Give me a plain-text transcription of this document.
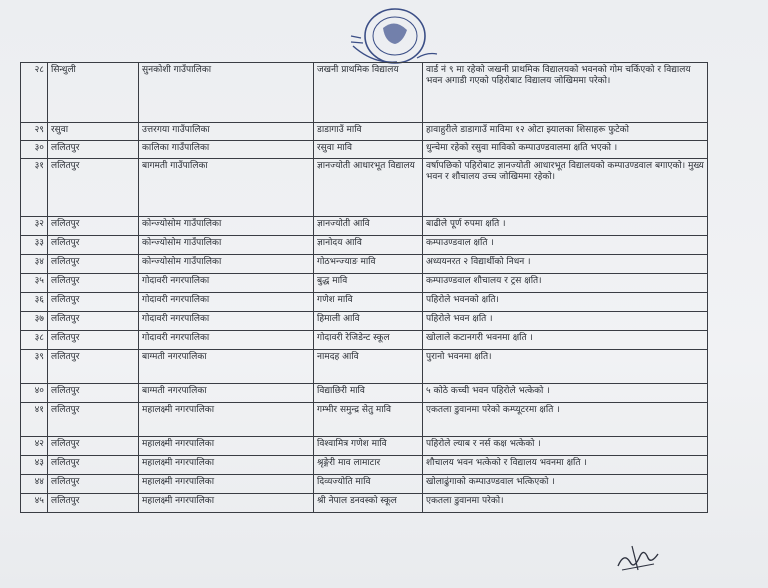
२८	सिन्धुली	सुनकोशी गाउँपालिका	जखनी प्राथमिक विद्यालय	वार्ड नं ९ मा रहेको जखनी प्राथमिक विद्यालयको भवनको गोम चर्किएको र विद्यालय भवन अगाडी गएको पहिरोबाट विद्यालय जोखिममा परेको।
२९	रसुवा	उत्तरगया गाउँपालिका	डाडागाउँ मावि	हावाहुरीले डाडागाउँ माविमा १२ ओटा झ्यालका शिसाहरू फुटेको
३०	ललितपुर	कालिका गाउँपालिका	रसुवा मावि	धुन्चेमा रहेको रसुवा माविको कम्पाउण्डवालमा क्षति भएको ।
३१	ललितपुर	बागमती गाउँपालिका	ज्ञानज्योती आधारभूत विद्यालय	वर्षापछिको पहिरोबाट ज्ञानज्योती आधारभूत विद्यालयको कम्पाउण्डवाल बगाएको। मुख्य भवन र शौचालय उच्च जोखिममा रहेको।
३२	ललितपुर	कोन्ज्योसोम गाउँपालिका	ज्ञानज्योती आवि	बाढीले पूर्ण रुपमा क्षति ।
३३	ललितपुर	कोन्ज्योसोम गाउँपालिका	ज्ञानोदय आवि	कम्पाउण्डवाल क्षति ।
३४	ललितपुर	कोन्ज्योसोम गाउँपालिका	गोठभन्ज्याङ मावि	अध्ययनरत २ विद्यार्थीको निधन ।
३५	ललितपुर	गोदावरी नगरपालिका	बुद्ध मावि	कम्पाउण्डवाल शौचालय र ट्रस क्षति।
३६	ललितपुर	गोदावरी नगरपालिका	गणेश मावि	पहिरोले भवनको क्षति।
३७	ललितपुर	गोदावरी नगरपालिका	हिमाली आवि	पहिरोले भवन क्षति ।
३८	ललितपुर	गोदावरी नगरपालिका	गोदावरी रेजिडेन्ट स्कूल	खोलाले कटानगरी भवनमा क्षति ।
३९	ललितपुर	बाग्मती नगरपालिका	नामदह आवि	पुरानो भवनमा क्षति।
४०	ललितपुर	बाग्मती नगरपालिका	विद्याछिरी मावि	५ कोठे कच्ची भवन पहिरोले भत्केको ।
४१	ललितपुर	महालक्ष्मी नगरपालिका	गम्भीर समुन्द्र सेतु मावि	एकतला डुवानमा परेको कम्प्यूटरमा क्षति ।
४२	ललितपुर	महालक्ष्मी नगरपालिका	विश्वामित्र गणेश मावि	पहिरोले ल्याब र नर्स कक्ष भत्केको ।
४३	ललितपुर	महालक्ष्मी नगरपालिका	श्रृङ्गेरी माव लामाटार	शौचालय भवन भत्केको र विद्यालय भवनमा क्षति ।
४४	ललितपुर	महालक्ष्मी नगरपालिका	दिव्यज्योति मावि	खोलाढुंगाको कम्पाउण्डवाल भत्किएको ।
४५	ललितपुर	महालक्ष्मी नगरपालिका	श्री नेपाल डनवस्को स्कूल	एकतला डुवानमा परेको।
